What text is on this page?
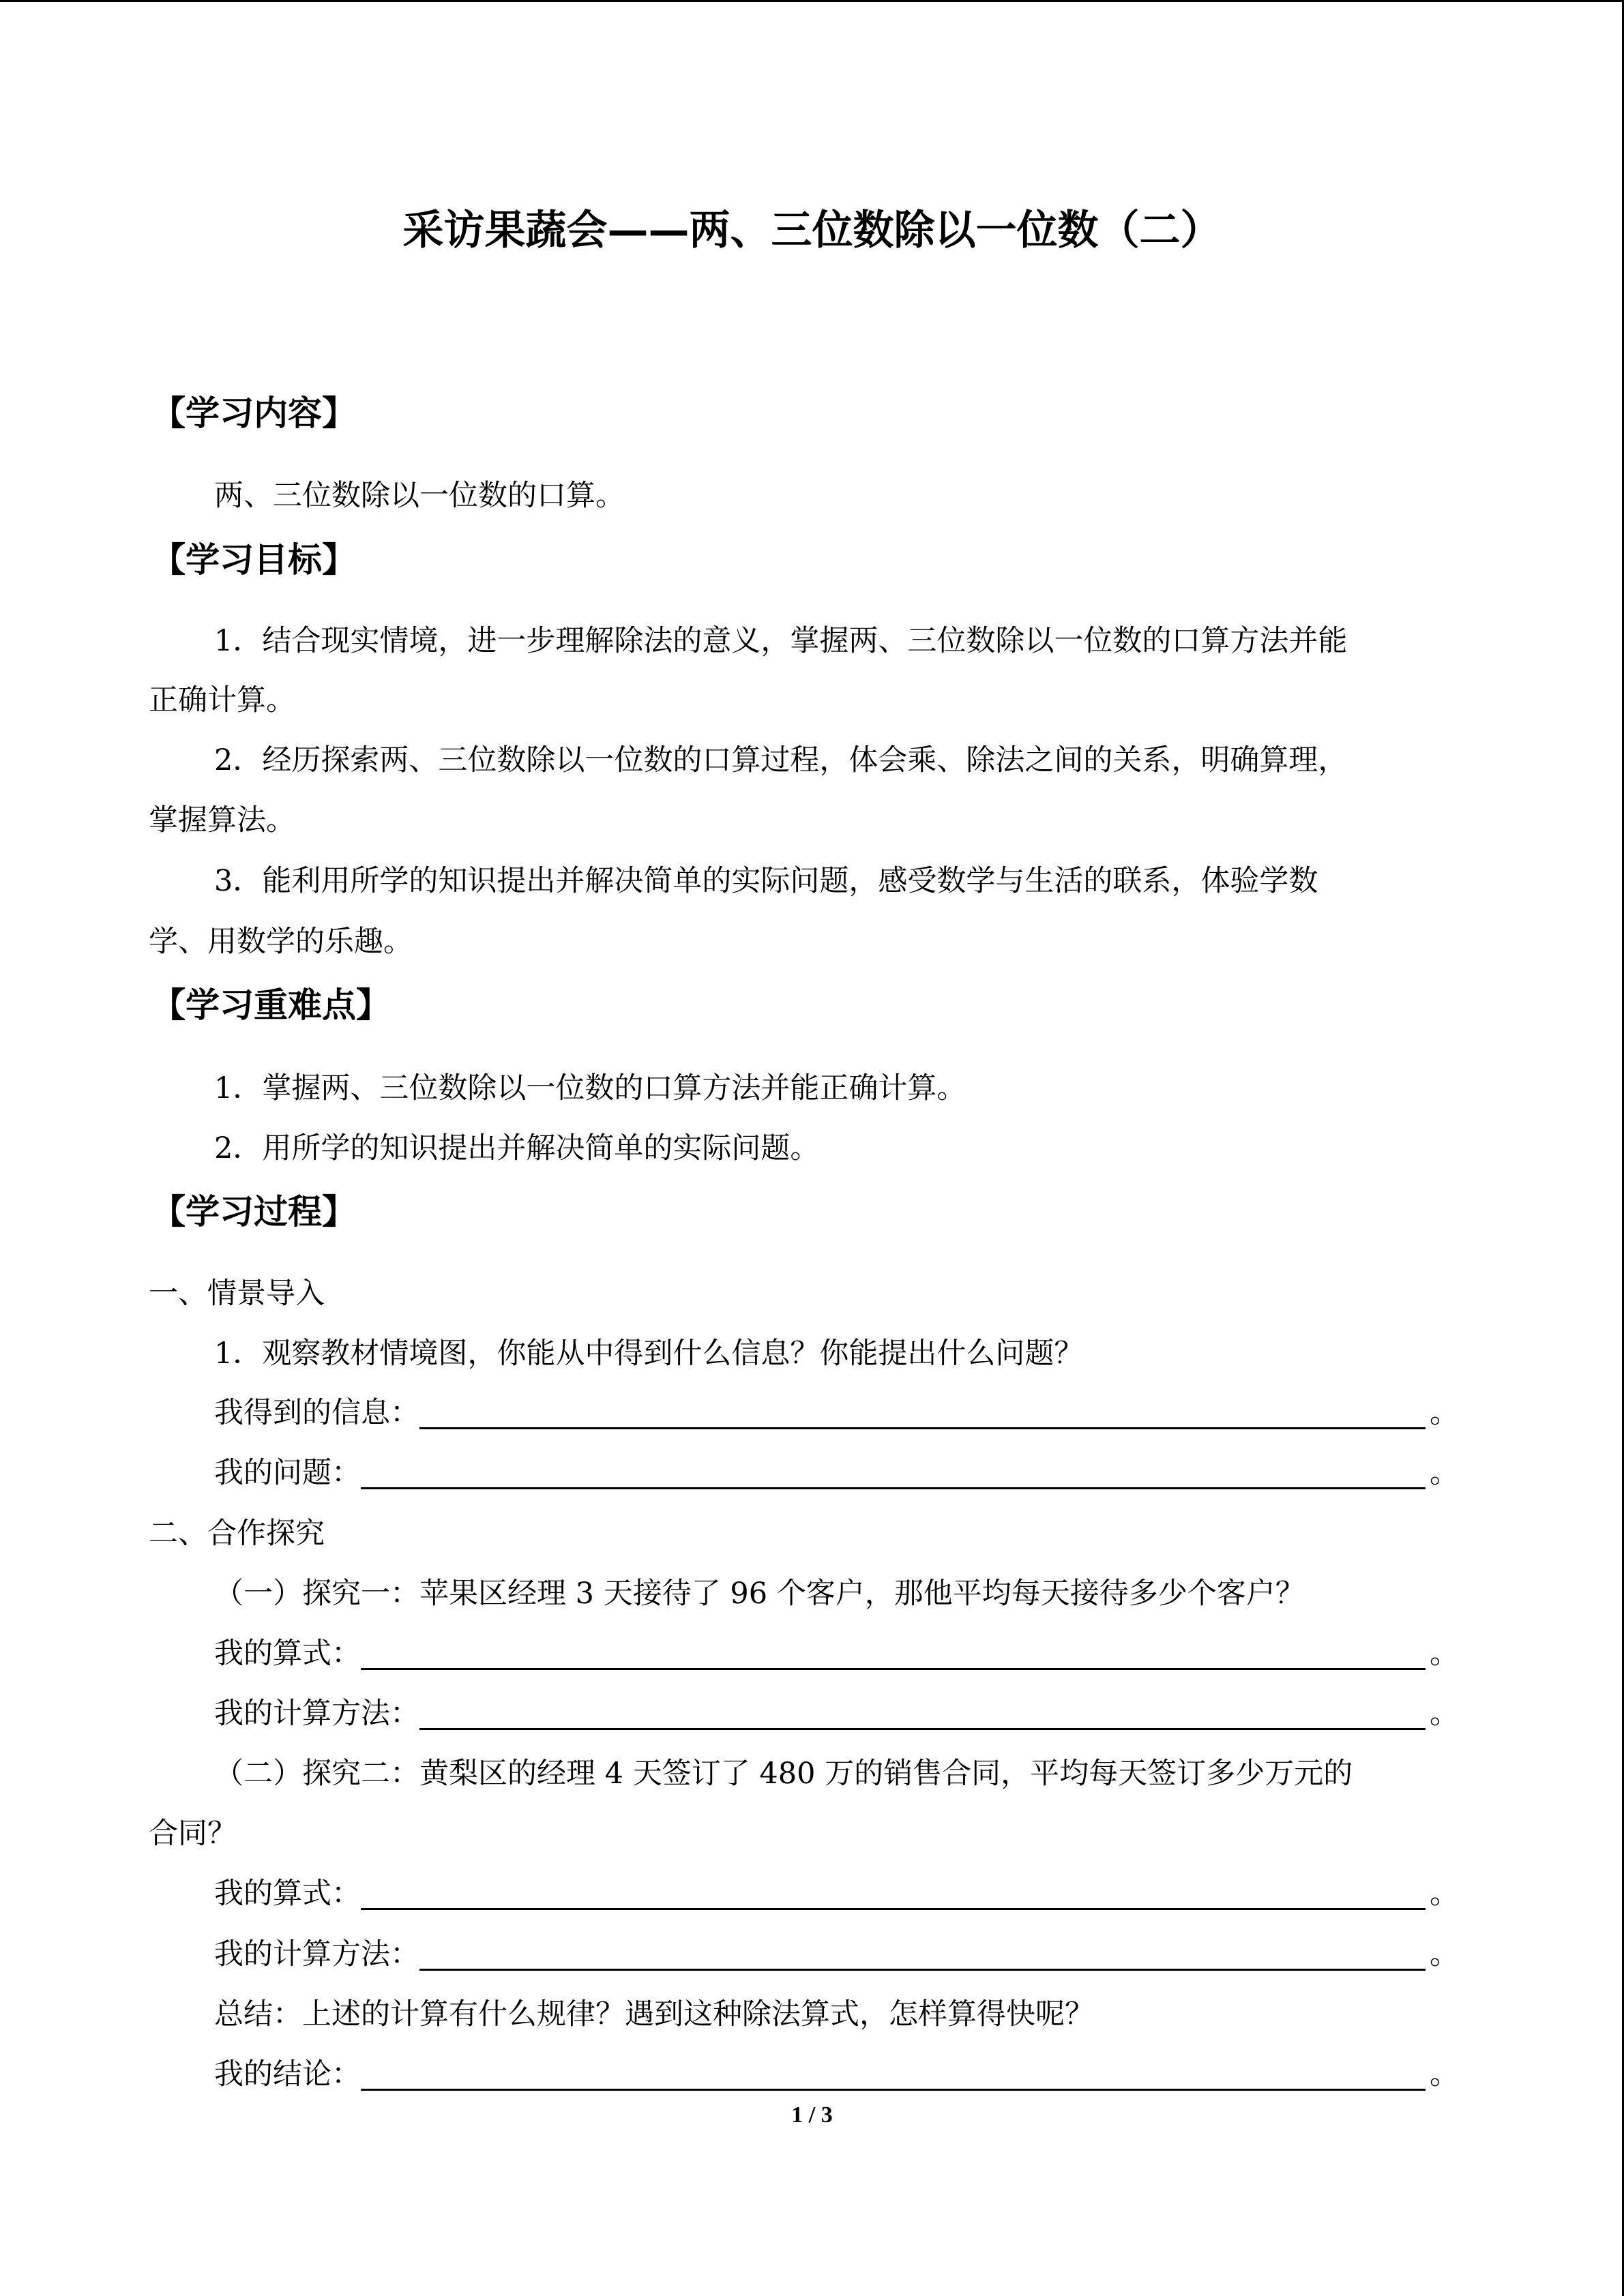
采访果蔬会——两、三位数除以一位数（二）
【学习内容】
两、三位数除以一位数的口算。
【学习目标】
1．结合现实情境，进一步理解除法的意义，掌握两、三位数除以一位数的口算方法并能
正确计算。
2．经历探索两、三位数除以一位数的口算过程，体会乘、除法之间的关系，明确算理，
掌握算法。
3．能利用所学的知识提出并解决简单的实际问题，感受数学与生活的联系，体验学数
学、用数学的乐趣。
【学习重难点】
1．掌握两、三位数除以一位数的口算方法并能正确计算。
2．用所学的知识提出并解决简单的实际问题。
【学习过程】
一、情景导入
1．观察教材情境图，你能从中得到什么信息？你能提出什么问题？
我得到的信息：	。
我的问题：	。
二、合作探究
（一）探究一：苹果区经理 3 天接待了 96 个客户，那他平均每天接待多少个客户？
我的算式：	。
我的计算方法：	。
（二）探究二：黄梨区的经理 4 天签订了 480 万的销售合同，平均每天签订多少万元的
合同？
我的算式：	。
我的计算方法：	。
总结：上述的计算有什么规律？遇到这种除法算式，怎样算得快呢？
我的结论：	。
1 / 3
